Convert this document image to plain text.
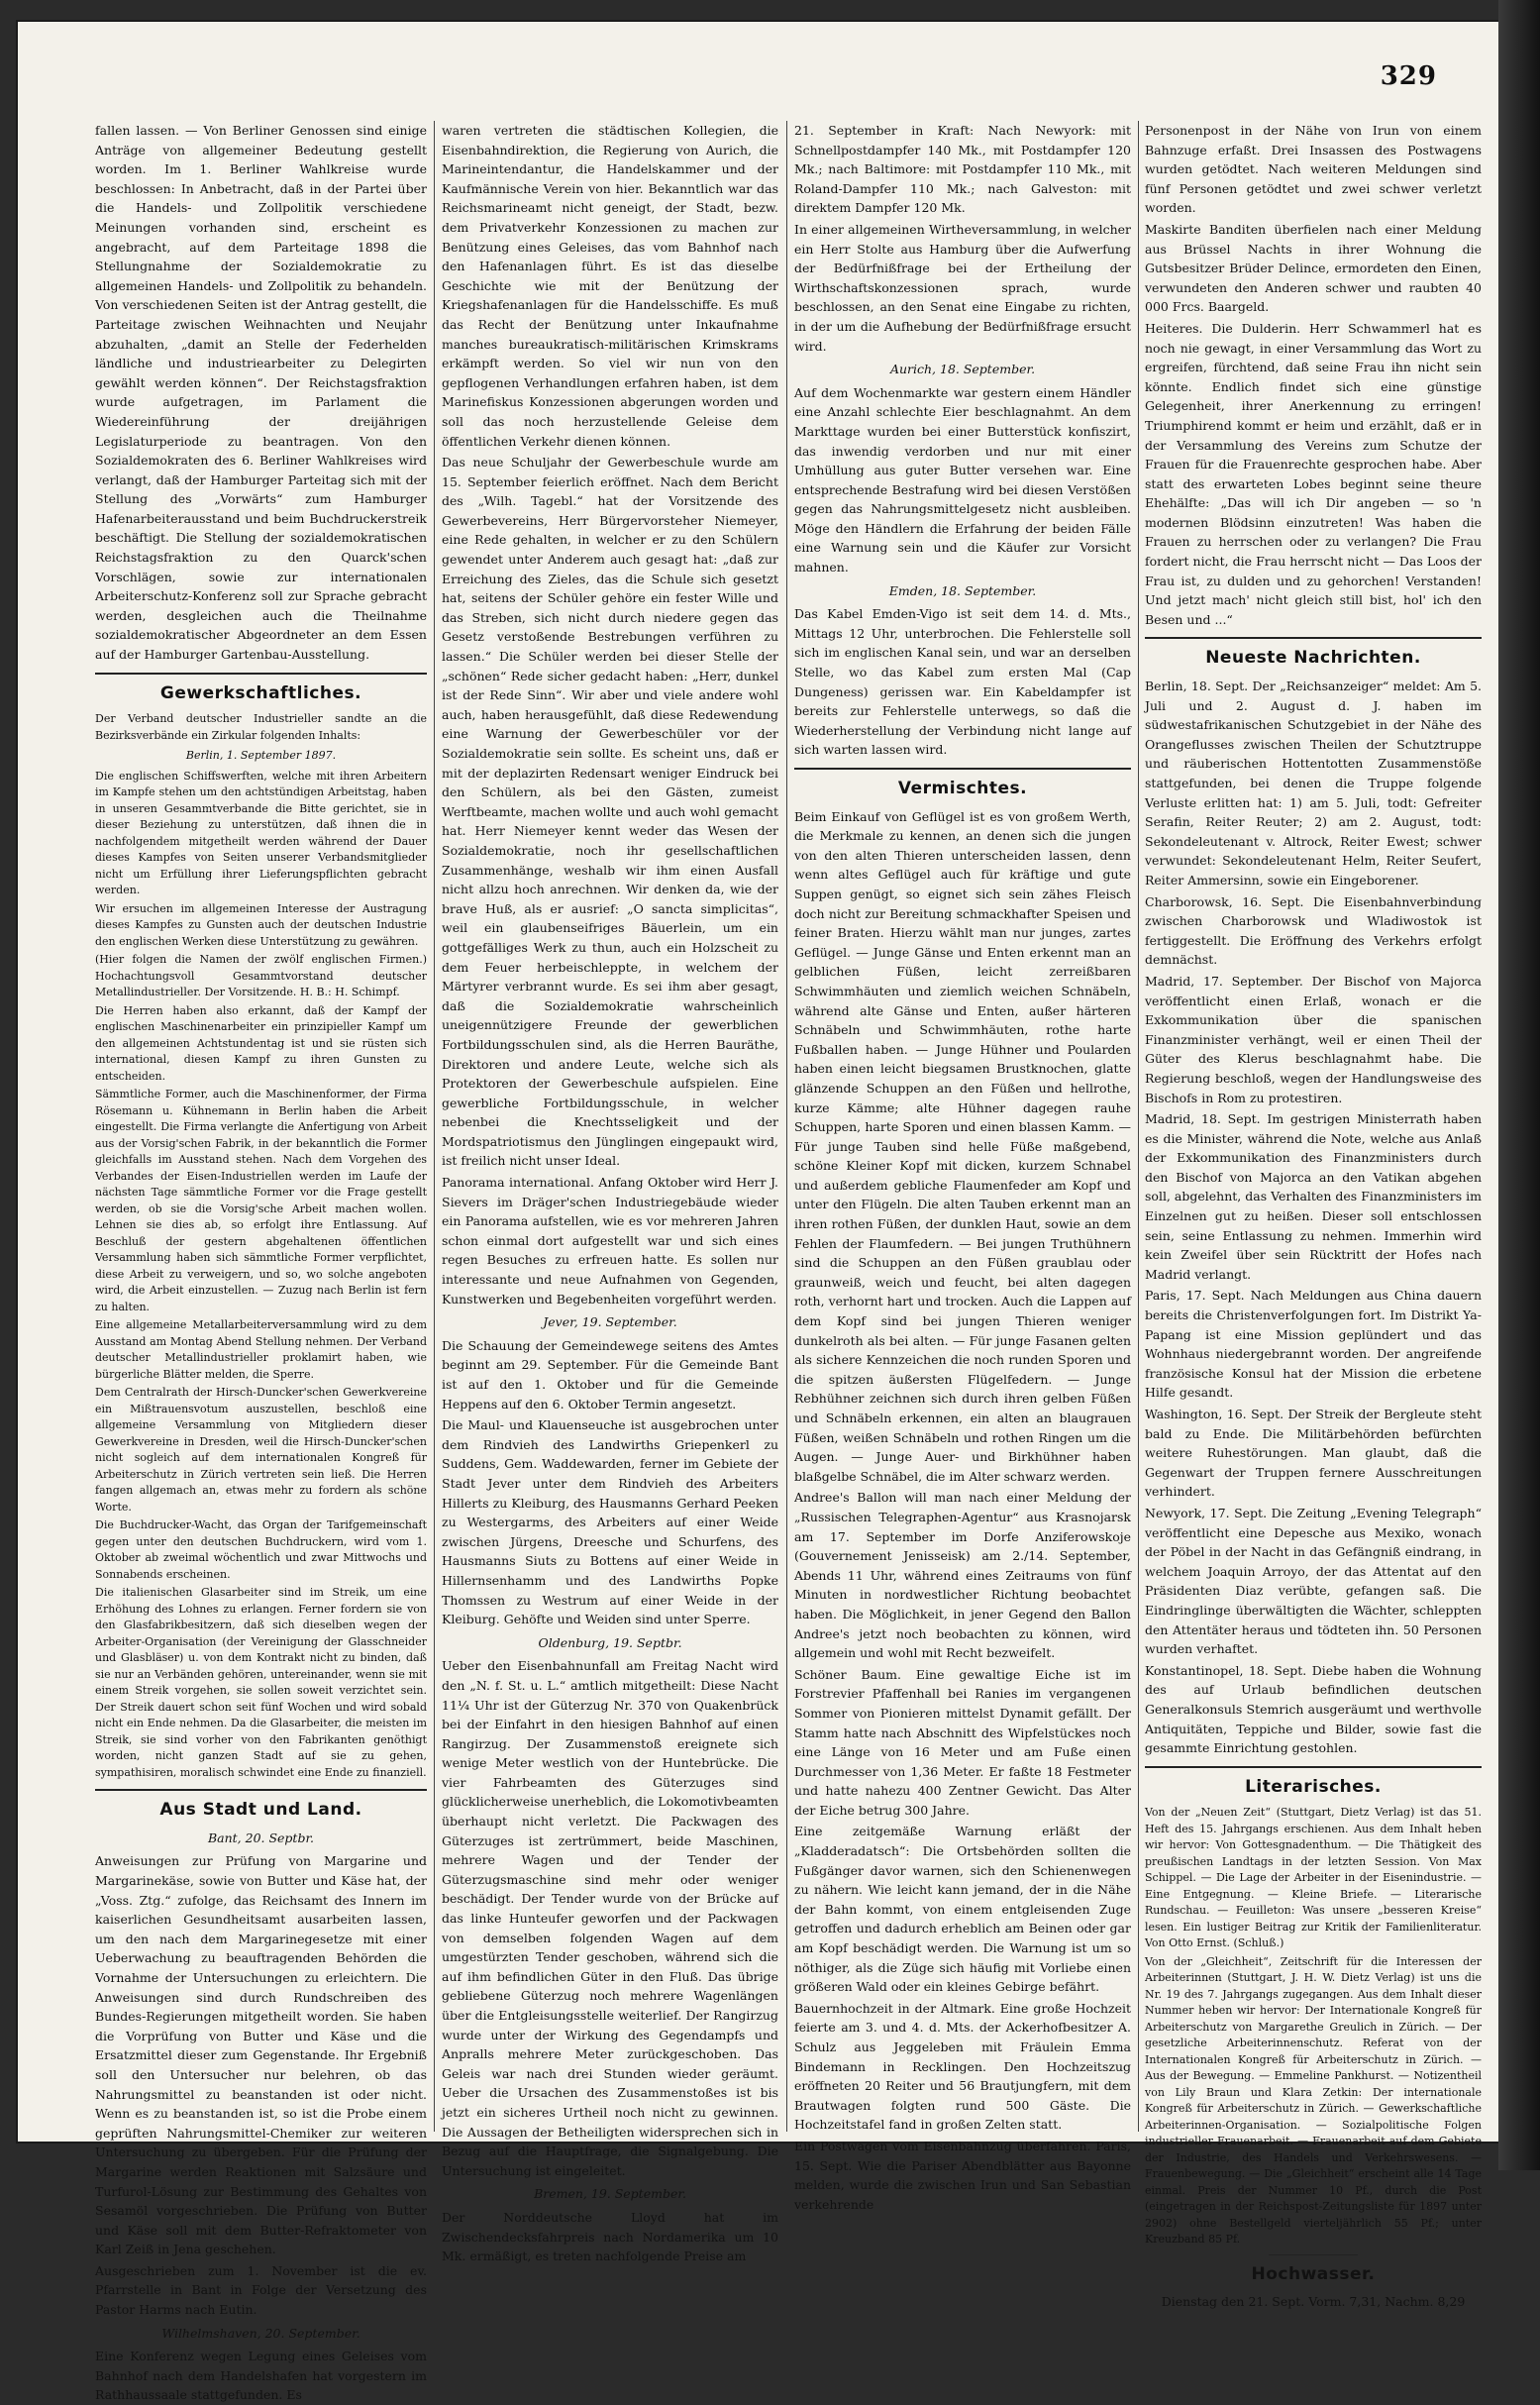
329

fallen lassen. — Von Berliner Genossen sind einige Anträge von allgemeiner Bedeutung gestellt worden. Im 1. Berliner Wahlkreise wurde beschlossen: In Anbetracht, daß in der Partei über die Handels- und Zollpolitik verschiedene Meinungen vorhanden sind, erscheint es angebracht, auf dem Parteitage 1898 die Stellungnahme der Sozialdemokratie zu allgemeinen Handels- und Zollpolitik zu behandeln. Von verschiedenen Seiten ist der Antrag gestellt, die Parteitage zwischen Weihnachten und Neujahr abzuhalten, „damit an Stelle der Federhelden ländliche und industriearbeiter zu Delegirten gewählt werden können“. Der Reichstagsfraktion wurde aufgetragen, im Parlament die Wiedereinführung der dreijährigen Legislaturperiode zu beantragen. Von den Sozialdemokraten des 6. Berliner Wahlkreises wird verlangt, daß der Hamburger Parteitag sich mit der Stellung des „Vorwärts“ zum Hamburger Hafenarbeiterausstand und beim Buchdruckerstreik beschäftigt. Die Stellung der sozialdemokratischen Reichstagsfraktion zu den Quarck'schen Vorschlägen, sowie zur internationalen Arbeiterschutz-Konferenz soll zur Sprache gebracht werden, desgleichen auch die Theilnahme sozialdemokratischer Abgeordneter an dem Essen auf der Hamburger Gartenbau-Ausstellung.

Gewerkschaftliches.

Der Verband deutscher Industrieller sandte an die Bezirksverbände ein Zirkular folgenden Inhalts:

Berlin, 1. September 1897.

Die englischen Schiffswerften, welche mit ihren Arbeitern im Kampfe stehen um den achtstündigen Arbeitstag, haben in unseren Gesammtverbande die Bitte gerichtet, sie in dieser Beziehung zu unterstützen, daß ihnen die in nachfolgendem mitgetheilt werden während der Dauer dieses Kampfes von Seiten unserer Verbandsmitglieder nicht um Erfüllung ihrer Lieferungspflichten gebracht werden.

Wir ersuchen im allgemeinen Interesse der Austragung dieses Kampfes zu Gunsten auch der deutschen Industrie den englischen Werken diese Unterstützung zu gewähren.

(Hier folgen die Namen der zwölf englischen Firmen.) Hochachtungsvoll Gesammtvorstand deutscher Metallindustrieller. Der Vorsitzende. H. B.: H. Schimpf.

Die Herren haben also erkannt, daß der Kampf der englischen Maschinenarbeiter ein prinzipieller Kampf um den allgemeinen Achtstundentag ist und sie rüsten sich international, diesen Kampf zu ihren Gunsten zu entscheiden.

Sämmtliche Former, auch die Maschinenformer, der Firma Rösemann u. Kühnemann in Berlin haben die Arbeit eingestellt. Die Firma verlangte die Anfertigung von Arbeit aus der Vorsig'schen Fabrik, in der bekanntlich die Former gleichfalls im Ausstand stehen. Nach dem Vorgehen des Verbandes der Eisen-Industriellen werden im Laufe der nächsten Tage sämmtliche Former vor die Frage gestellt werden, ob sie die Vorsig'sche Arbeit machen wollen. Lehnen sie dies ab, so erfolgt ihre Entlassung. Auf Beschluß der gestern abgehaltenen öffentlichen Versammlung haben sich sämmtliche Former verpflichtet, diese Arbeit zu verweigern, und so, wo solche angeboten wird, die Arbeit einzustellen. — Zuzug nach Berlin ist fern zu halten.

Eine allgemeine Metallarbeiterversammlung wird zu dem Ausstand am Montag Abend Stellung nehmen. Der Verband deutscher Metallindustrieller proklamirt haben, wie bürgerliche Blätter melden, die Sperre.

Dem Centralrath der Hirsch-Duncker'schen Gewerkvereine ein Mißtrauensvotum auszustellen, beschloß eine allgemeine Versammlung von Mitgliedern dieser Gewerkvereine in Dresden, weil die Hirsch-Duncker'schen nicht sogleich auf dem internationalen Kongreß für Arbeiterschutz in Zürich vertreten sein ließ. Die Herren fangen allgemach an, etwas mehr zu fordern als schöne Worte.

Die Buchdrucker-Wacht, das Organ der Tarifgemeinschaft gegen unter den deutschen Buchdruckern, wird vom 1. Oktober ab zweimal wöchentlich und zwar Mittwochs und Sonnabends erscheinen.

Die italienischen Glasarbeiter sind im Streik, um eine Erhöhung des Lohnes zu erlangen. Ferner fordern sie von den Glasfabrikbesitzern, daß sich dieselben wegen der Arbeiter-Organisation (der Vereinigung der Glasschneider und Glasbläser) u. von dem Kontrakt nicht zu binden, daß sie nur an Verbänden gehören, untereinander, wenn sie mit einem Streik vorgehen, sie sollen soweit verzichtet sein. Der Streik dauert schon seit fünf Wochen und wird sobald nicht ein Ende nehmen. Da die Glasarbeiter, die meisten im Streik, sie sind vorher von den Fabrikanten genöthigt worden, nicht ganzen Stadt auf sie zu gehen, sympathisiren, moralisch schwindet eine Ende zu finanziell.

Aus Stadt und Land.

Bant, 20. Septbr.

Anweisungen zur Prüfung von Margarine und Margarinekäse, sowie von Butter und Käse hat, der „Voss. Ztg.“ zufolge, das Reichsamt des Innern im kaiserlichen Gesundheitsamt ausarbeiten lassen, um den nach dem Margarinegesetze mit einer Ueberwachung zu beauftragenden Behörden die Vornahme der Untersuchungen zu erleichtern. Die Anweisungen sind durch Rundschreiben des Bundes-Regierungen mitgetheilt worden. Sie haben die Vorprüfung von Butter und Käse und die Ersatzmittel dieser zum Gegenstande. Ihr Ergebniß soll den Untersucher nur belehren, ob das Nahrungsmittel zu beanstanden ist oder nicht. Wenn es zu beanstanden ist, so ist die Probe einem geprüften Nahrungsmittel-Chemiker zur weiteren Untersuchung zu übergeben. Für die Prüfung der Margarine werden Reaktionen mit Salzsäure und Turfurol-Lösung zur Bestimmung des Gehaltes von Sesamöl vorgeschrieben. Die Prüfung von Butter und Käse soll mit dem Butter-Refraktometer von Karl Zeiß in Jena geschehen.

Ausgeschrieben zum 1. November ist die ev. Pfarrstelle in Bant in Folge der Versetzung des Pastor Harms nach Eutin.

Wilhelmshaven, 20. September.

Eine Konferenz wegen Legung eines Geleises vom Bahnhof nach dem Handelshafen hat vorgestern im Rathhaussaale stattgefunden. Es

waren vertreten die städtischen Kollegien, die Eisenbahndirektion, die Regierung von Aurich, die Marineintendantur, die Handelskammer und der Kaufmännische Verein von hier. Bekanntlich war das Reichsmarineamt nicht geneigt, der Stadt, bezw. dem Privatverkehr Konzessionen zu machen zur Benützung eines Geleises, das vom Bahnhof nach den Hafenanlagen führt. Es ist das dieselbe Geschichte wie mit der Benützung der Kriegshafenanlagen für die Handelsschiffe. Es muß das Recht der Benützung unter Inkaufnahme manches bureaukratisch-militärischen Krimskrams erkämpft werden. So viel wir nun von den gepflogenen Verhandlungen erfahren haben, ist dem Marinefiskus Konzessionen abgerungen worden und soll das noch herzustellende Geleise dem öffentlichen Verkehr dienen können.

Das neue Schuljahr der Gewerbeschule wurde am 15. September feierlich eröffnet. Nach dem Bericht des „Wilh. Tagebl.“ hat der Vorsitzende des Gewerbevereins, Herr Bürgervorsteher Niemeyer, eine Rede gehalten, in welcher er zu den Schülern gewendet unter Anderem auch gesagt hat: „daß zur Erreichung des Zieles, das die Schule sich gesetzt hat, seitens der Schüler gehöre ein fester Wille und das Streben, sich nicht durch niedere gegen das Gesetz verstoßende Bestrebungen verführen zu lassen.“ Die Schüler werden bei dieser Stelle der „schönen“ Rede sicher gedacht haben: „Herr, dunkel ist der Rede Sinn“. Wir aber und viele andere wohl auch, haben herausgefühlt, daß diese Redewendung eine Warnung der Gewerbeschüler vor der Sozialdemokratie sein sollte. Es scheint uns, daß er mit der deplazirten Redensart weniger Eindruck bei den Schülern, als bei den Gästen, zumeist Werftbeamte, machen wollte und auch wohl gemacht hat. Herr Niemeyer kennt weder das Wesen der Sozialdemokratie, noch ihr gesellschaftlichen Zusammenhänge, weshalb wir ihm einen Ausfall nicht allzu hoch anrechnen. Wir denken da, wie der brave Huß, als er ausrief: „O sancta simplicitas“, weil ein glaubenseifriges Bäuerlein, um ein gottgefälliges Werk zu thun, auch ein Holzscheit zu dem Feuer herbeischleppte, in welchem der Märtyrer verbrannt wurde. Es sei ihm aber gesagt, daß die Sozialdemokratie wahrscheinlich uneigennützigere Freunde der gewerblichen Fortbildungsschulen sind, als die Herren Bauräthe, Direktoren und andere Leute, welche sich als Protektoren der Gewerbeschule aufspielen. Eine gewerbliche Fortbildungsschule, in welcher nebenbei die Knechtsseligkeit und der Mordspatriotismus den Jünglingen eingepaukt wird, ist freilich nicht unser Ideal.

Panorama international. Anfang Oktober wird Herr J. Sievers im Dräger'schen Industriegebäude wieder ein Panorama aufstellen, wie es vor mehreren Jahren schon einmal dort aufgestellt war und sich eines regen Besuches zu erfreuen hatte. Es sollen nur interessante und neue Aufnahmen von Gegenden, Kunstwerken und Begebenheiten vorgeführt werden.

Jever, 19. September.

Die Schauung der Gemeindewege seitens des Amtes beginnt am 29. September. Für die Gemeinde Bant ist auf den 1. Oktober und für die Gemeinde Heppens auf den 6. Oktober Termin angesetzt.

Die Maul- und Klauenseuche ist ausgebrochen unter dem Rindvieh des Landwirths Griepenkerl zu Suddens, Gem. Waddewarden, ferner im Gebiete der Stadt Jever unter dem Rindvieh des Arbeiters Hillerts zu Kleiburg, des Hausmanns Gerhard Peeken zu Westergarms, des Arbeiters auf einer Weide zwischen Jürgens, Dreesche und Schurfens, des Hausmanns Siuts zu Bottens auf einer Weide in Hillernsenhamm und des Landwirths Popke Thomssen zu Westrum auf einer Weide in der Kleiburg. Gehöfte und Weiden sind unter Sperre.

Oldenburg, 19. Septbr.

Ueber den Eisenbahnunfall am Freitag Nacht wird den „N. f. St. u. L.“ amtlich mitgetheilt: Diese Nacht 11¼ Uhr ist der Güterzug Nr. 370 von Quakenbrück bei der Einfahrt in den hiesigen Bahnhof auf einen Rangirzug. Der Zusammenstoß ereignete sich wenige Meter westlich von der Huntebrücke. Die vier Fahrbeamten des Güterzuges sind glücklicherweise unerheblich, die Lokomotivbeamten überhaupt nicht verletzt. Die Packwagen des Güterzuges ist zertrümmert, beide Maschinen, mehrere Wagen und der Tender der Güterzugsmaschine sind mehr oder weniger beschädigt. Der Tender wurde von der Brücke auf das linke Hunteufer geworfen und der Packwagen von demselben folgenden Wagen auf dem umgestürzten Tender geschoben, während sich die auf ihm befindlichen Güter in den Fluß. Das übrige gebliebene Güterzug noch mehrere Wagenlängen über die Entgleisungsstelle weiterlief. Der Rangirzug wurde unter der Wirkung des Gegendampfs und Anpralls mehrere Meter zurückgeschoben. Das Geleis war nach drei Stunden wieder geräumt. Ueber die Ursachen des Zusammenstoßes ist bis jetzt ein sicheres Urtheil noch nicht zu gewinnen. Die Aussagen der Betheiligten widersprechen sich in Bezug auf die Hauptfrage, die Signalgebung. Die Untersuchung ist eingeleitet.

Bremen, 19. September.

Der Norddeutsche Lloyd hat im Zwischendecksfahrpreis nach Nordamerika um 10 Mk. ermäßigt, es treten nachfolgende Preise am

21. September in Kraft: Nach Newyork: mit Schnellpostdampfer 140 Mk., mit Postdampfer 120 Mk.; nach Baltimore: mit Postdampfer 110 Mk., mit Roland-Dampfer 110 Mk.; nach Galveston: mit direktem Dampfer 120 Mk.

In einer allgemeinen Wirtheversammlung, in welcher ein Herr Stolte aus Hamburg über die Aufwerfung der Bedürfnißfrage bei der Ertheilung der Wirthschaftskonzessionen sprach, wurde beschlossen, an den Senat eine Eingabe zu richten, in der um die Aufhebung der Bedürfnißfrage ersucht wird.

Aurich, 18. September.

Auf dem Wochenmarkte war gestern einem Händler eine Anzahl schlechte Eier beschlagnahmt. An dem Markttage wurden bei einer Butterstück konfiszirt, das inwendig verdorben und nur mit einer Umhüllung aus guter Butter versehen war. Eine entsprechende Bestrafung wird bei diesen Verstößen gegen das Nahrungsmittelgesetz nicht ausbleiben. Möge den Händlern die Erfahrung der beiden Fälle eine Warnung sein und die Käufer zur Vorsicht mahnen.

Emden, 18. September.

Das Kabel Emden-Vigo ist seit dem 14. d. Mts., Mittags 12 Uhr, unterbrochen. Die Fehlerstelle soll sich im englischen Kanal sein, und war an derselben Stelle, wo das Kabel zum ersten Mal (Cap Dungeness) gerissen war. Ein Kabeldampfer ist bereits zur Fehlerstelle unterwegs, so daß die Wiederherstellung der Verbindung nicht lange auf sich warten lassen wird.

Vermischtes.

Beim Einkauf von Geflügel ist es von großem Werth, die Merkmale zu kennen, an denen sich die jungen von den alten Thieren unterscheiden lassen, denn wenn altes Geflügel auch für kräftige und gute Suppen genügt, so eignet sich sein zähes Fleisch doch nicht zur Bereitung schmackhafter Speisen und feiner Braten. Hierzu wählt man nur junges, zartes Geflügel. — Junge Gänse und Enten erkennt man an gelblichen Füßen, leicht zerreißbaren Schwimmhäuten und ziemlich weichen Schnäbeln, während alte Gänse und Enten, außer härteren Schnäbeln und Schwimmhäuten, rothe harte Fußballen haben. — Junge Hühner und Poularden haben einen leicht biegsamen Brustknochen, glatte glänzende Schuppen an den Füßen und hellrothe, kurze Kämme; alte Hühner dagegen rauhe Schuppen, harte Sporen und einen blassen Kamm. — Für junge Tauben sind helle Füße maßgebend, schöne Kleiner Kopf mit dicken, kurzem Schnabel und außerdem gebliche Flaumenfeder am Kopf und unter den Flügeln. Die alten Tauben erkennt man an ihren rothen Füßen, der dunklen Haut, sowie an dem Fehlen der Flaumfedern. — Bei jungen Truthühnern sind die Schuppen an den Füßen graublau oder graunweiß, weich und feucht, bei alten dagegen roth, verhornt hart und trocken. Auch die Lappen auf dem Kopf sind bei jungen Thieren weniger dunkelroth als bei alten. — Für junge Fasanen gelten als sichere Kennzeichen die noch runden Sporen und die spitzen äußersten Flügelfedern. — Junge Rebhühner zeichnen sich durch ihren gelben Füßen und Schnäbeln erkennen, ein alten an blaugrauen Füßen, weißen Schnäbeln und rothen Ringen um die Augen. — Junge Auer- und Birkhühner haben blaßgelbe Schnäbel, die im Alter schwarz werden.

Andree's Ballon will man nach einer Meldung der „Russischen Telegraphen-Agentur“ aus Krasnojarsk am 17. September im Dorfe Anziferowskoje (Gouvernement Jenisseisk) am 2./14. September, Abends 11 Uhr, während eines Zeitraums von fünf Minuten in nordwestlicher Richtung beobachtet haben. Die Möglichkeit, in jener Gegend den Ballon Andree's jetzt noch beobachten zu können, wird allgemein und wohl mit Recht bezweifelt.

Schöner Baum. Eine gewaltige Eiche ist im Forstrevier Pfaffenhall bei Ranies im vergangenen Sommer von Pionieren mittelst Dynamit gefällt. Der Stamm hatte nach Abschnitt des Wipfelstückes noch eine Länge von 16 Meter und am Fuße einen Durchmesser von 1,36 Meter. Er faßte 18 Festmeter und hatte nahezu 400 Zentner Gewicht. Das Alter der Eiche betrug 300 Jahre.

Eine zeitgemäße Warnung erläßt der „Kladderadatsch“: Die Ortsbehörden sollten die Fußgänger davor warnen, sich den Schienenwegen zu nähern. Wie leicht kann jemand, der in die Nähe der Bahn kommt, von einem entgleisenden Zuge getroffen und dadurch erheblich am Beinen oder gar am Kopf beschädigt werden. Die Warnung ist um so nöthiger, als die Züge sich häufig mit Vorliebe einen größeren Wald oder ein kleines Gebirge befährt.

Bauernhochzeit in der Altmark. Eine große Hochzeit feierte am 3. und 4. d. Mts. der Ackerhofbesitzer A. Schulz aus Jeggeleben mit Fräulein Emma Bindemann in Recklingen. Den Hochzeitszug eröffneten 20 Reiter und 56 Brautjungfern, mit dem Brautwagen folgten rund 500 Gäste. Die Hochzeitstafel fand in großen Zelten statt.

Ein Postwagen vom Eisenbahnzug überfahren. Paris, 15. Sept. Wie die Pariser Abendblätter aus Bayonne melden, wurde die zwischen Irun und San Sebastian verkehrende

Personenpost in der Nähe von Irun von einem Bahnzuge erfaßt. Drei Insassen des Postwagens wurden getödtet. Nach weiteren Meldungen sind fünf Personen getödtet und zwei schwer verletzt worden.

Maskirte Banditen überfielen nach einer Meldung aus Brüssel Nachts in ihrer Wohnung die Gutsbesitzer Brüder Delince, ermordeten den Einen, verwundeten den Anderen schwer und raubten 40 000 Frcs. Baargeld.

Heiteres. Die Dulderin. Herr Schwammerl hat es noch nie gewagt, in einer Versammlung das Wort zu ergreifen, fürchtend, daß seine Frau ihn nicht sein könnte. Endlich findet sich eine günstige Gelegenheit, ihrer Anerkennung zu erringen! Triumphirend kommt er heim und erzählt, daß er in der Versammlung des Vereins zum Schutze der Frauen für die Frauenrechte gesprochen habe. Aber statt des erwarteten Lobes beginnt seine theure Ehehälfte: „Das will ich Dir angeben — so 'n modernen Blödsinn einzutreten! Was haben die Frauen zu herrschen oder zu verlangen? Die Frau fordert nicht, die Frau herrscht nicht — Das Loos der Frau ist, zu dulden und zu gehorchen! Verstanden! Und jetzt mach' nicht gleich still bist, hol' ich den Besen und ...“

Neueste Nachrichten.

Berlin, 18. Sept. Der „Reichsanzeiger“ meldet: Am 5. Juli und 2. August d. J. haben im südwestafrikanischen Schutzgebiet in der Nähe des Orangeflusses zwischen Theilen der Schutztruppe und räuberischen Hottentotten Zusammenstöße stattgefunden, bei denen die Truppe folgende Verluste erlitten hat: 1) am 5. Juli, todt: Gefreiter Serafin, Reiter Reuter; 2) am 2. August, todt: Sekondeleutenant v. Altrock, Reiter Ewest; schwer verwundet: Sekondeleutenant Helm, Reiter Seufert, Reiter Ammersinn, sowie ein Eingeborener.

Charborowsk, 16. Sept. Die Eisenbahnverbindung zwischen Charborowsk und Wladiwostok ist fertiggestellt. Die Eröffnung des Verkehrs erfolgt demnächst.

Madrid, 17. September. Der Bischof von Majorca veröffentlicht einen Erlaß, wonach er die Exkommunikation über die spanischen Finanzminister verhängt, weil er einen Theil der Güter des Klerus beschlagnahmt habe. Die Regierung beschloß, wegen der Handlungsweise des Bischofs in Rom zu protestiren.

Madrid, 18. Sept. Im gestrigen Ministerrath haben es die Minister, während die Note, welche aus Anlaß der Exkommunikation des Finanzministers durch den Bischof von Majorca an den Vatikan abgehen soll, abgelehnt, das Verhalten des Finanzministers im Einzelnen gut zu heißen. Dieser soll entschlossen sein, seine Entlassung zu nehmen. Immerhin wird kein Zweifel über sein Rücktritt der Hofes nach Madrid verlangt.

Paris, 17. Sept. Nach Meldungen aus China dauern bereits die Christenverfolgungen fort. Im Distrikt Ya-Papang ist eine Mission geplündert und das Wohnhaus niedergebrannt worden. Der angreifende französische Konsul hat der Mission die erbetene Hilfe gesandt.

Washington, 16. Sept. Der Streik der Bergleute steht bald zu Ende. Die Militärbehörden befürchten weitere Ruhestörungen. Man glaubt, daß die Gegenwart der Truppen fernere Ausschreitungen verhindert.

Newyork, 17. Sept. Die Zeitung „Evening Telegraph“ veröffentlicht eine Depesche aus Mexiko, wonach der Pöbel in der Nacht in das Gefängniß eindrang, in welchem Joaquin Arroyo, der das Attentat auf den Präsidenten Diaz verübte, gefangen saß. Die Eindringlinge überwältigten die Wächter, schleppten den Attentäter heraus und tödteten ihn. 50 Personen wurden verhaftet.

Konstantinopel, 18. Sept. Diebe haben die Wohnung des auf Urlaub befindlichen deutschen Generalkonsuls Stemrich ausgeräumt und werthvolle Antiquitäten, Teppiche und Bilder, sowie fast die gesammte Einrichtung gestohlen.

Literarisches.

Von der „Neuen Zeit“ (Stuttgart, Dietz Verlag) ist das 51. Heft des 15. Jahrgangs erschienen. Aus dem Inhalt heben wir hervor: Von Gottesgnadenthum. — Die Thätigkeit des preußischen Landtags in der letzten Session. Von Max Schippel. — Die Lage der Arbeiter in der Eisenindustrie. — Eine Entgegnung. — Kleine Briefe. — Literarische Rundschau. — Feuilleton: Was unsere „besseren Kreise“ lesen. Ein lustiger Beitrag zur Kritik der Familienliteratur. Von Otto Ernst. (Schluß.)

Von der „Gleichheit“, Zeitschrift für die Interessen der Arbeiterinnen (Stuttgart, J. H. W. Dietz Verlag) ist uns die Nr. 19 des 7. Jahrgangs zugegangen. Aus dem Inhalt dieser Nummer heben wir hervor: Der Internationale Kongreß für Arbeiterschutz von Margarethe Greulich in Zürich. — Der gesetzliche Arbeiterinnenschutz. Referat von der Internationalen Kongreß für Arbeiterschutz in Zürich. — Aus der Bewegung. — Emmeline Pankhurst. — Notizentheil von Lily Braun und Klara Zetkin: Der internationale Kongreß für Arbeiterschutz in Zürich. — Gewerkschaftliche Arbeiterinnen-Organisation. — Sozialpolitische Folgen industrieller Frauenarbeit. — Frauenarbeit auf dem Gebiete der Industrie, des Handels und Verkehrswesens. — Frauenbewegung. — Die „Gleichheit“ erscheint alle 14 Tage einmal. Preis der Nummer 10 Pf., durch die Post (eingetragen in der Reichspost-Zeitungsliste für 1897 unter 2902) ohne Bestellgeld vierteljährlich 55 Pf.; unter Kreuzband 85 Pf.

Hochwasser.
Dienstag den 21. Sept. Vorm. 7,31, Nachm. 8,29
